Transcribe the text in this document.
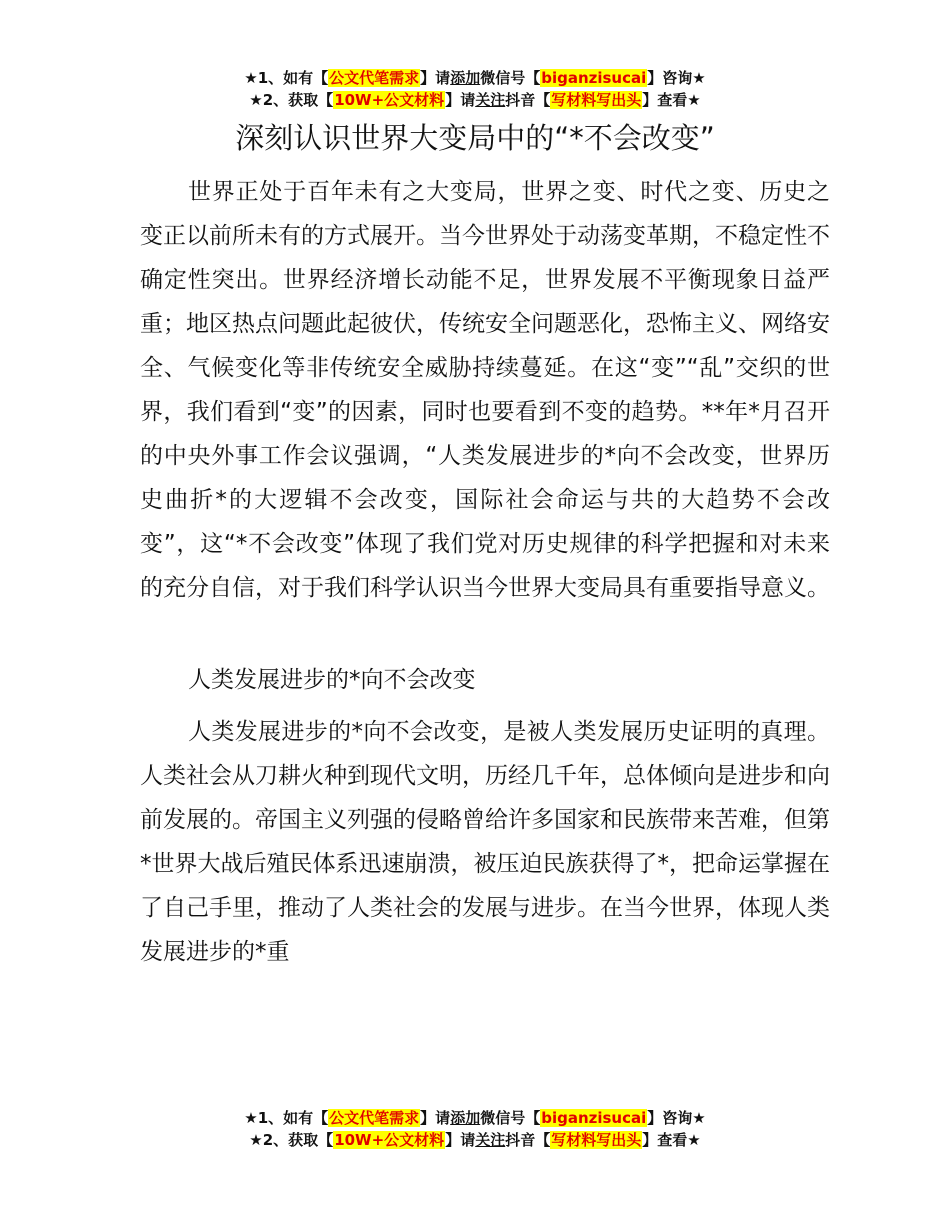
★1、如有【公文代笔需求】请添加微信号【biganzisucai】咨询★
★2、获取【10W+公文材料】请关注抖音【写材料写出头】查看★
深刻认识世界大变局中的“*不会改变”

世界正处于百年未有之大变局，世界之变、时代之变、历史之变正以前所未有的方式展开。当今世界处于动荡变革期，不稳定性不确定性突出。世界经济增长动能不足，世界发展不平衡现象日益严重；地区热点问题此起彼伏，传统安全问题恶化，恐怖主义、网络安全、气候变化等非传统安全威胁持续蔓延。在这“变”“乱”交织的世界，我们看到“变”的因素，同时也要看到不变的趋势。**年*月召开的中央外事工作会议强调，“人类发展进步的*向不会改变，世界历史曲折*的大逻辑不会改变，国际社会命运与共的大趋势不会改变”，这“*不会改变”体现了我们党对历史规律的科学把握和对未来的充分自信，对于我们科学认识当今世界大变局具有重要指导意义。

人类发展进步的*向不会改变

人类发展进步的*向不会改变，是被人类发展历史证明的真理。人类社会从刀耕火种到现代文明，历经几千年，总体倾向是进步和向前发展的。帝国主义列强的侵略曾给许多国家和民族带来苦难，但第*世界大战后殖民体系迅速崩溃，被压迫民族获得了*，把命运掌握在了自己手里，推动了人类社会的发展与进步。在当今世界，体现人类发展进步的*重

★1、如有【公文代笔需求】请添加微信号【biganzisucai】咨询★
★2、获取【10W+公文材料】请关注抖音【写材料写出头】查看★
